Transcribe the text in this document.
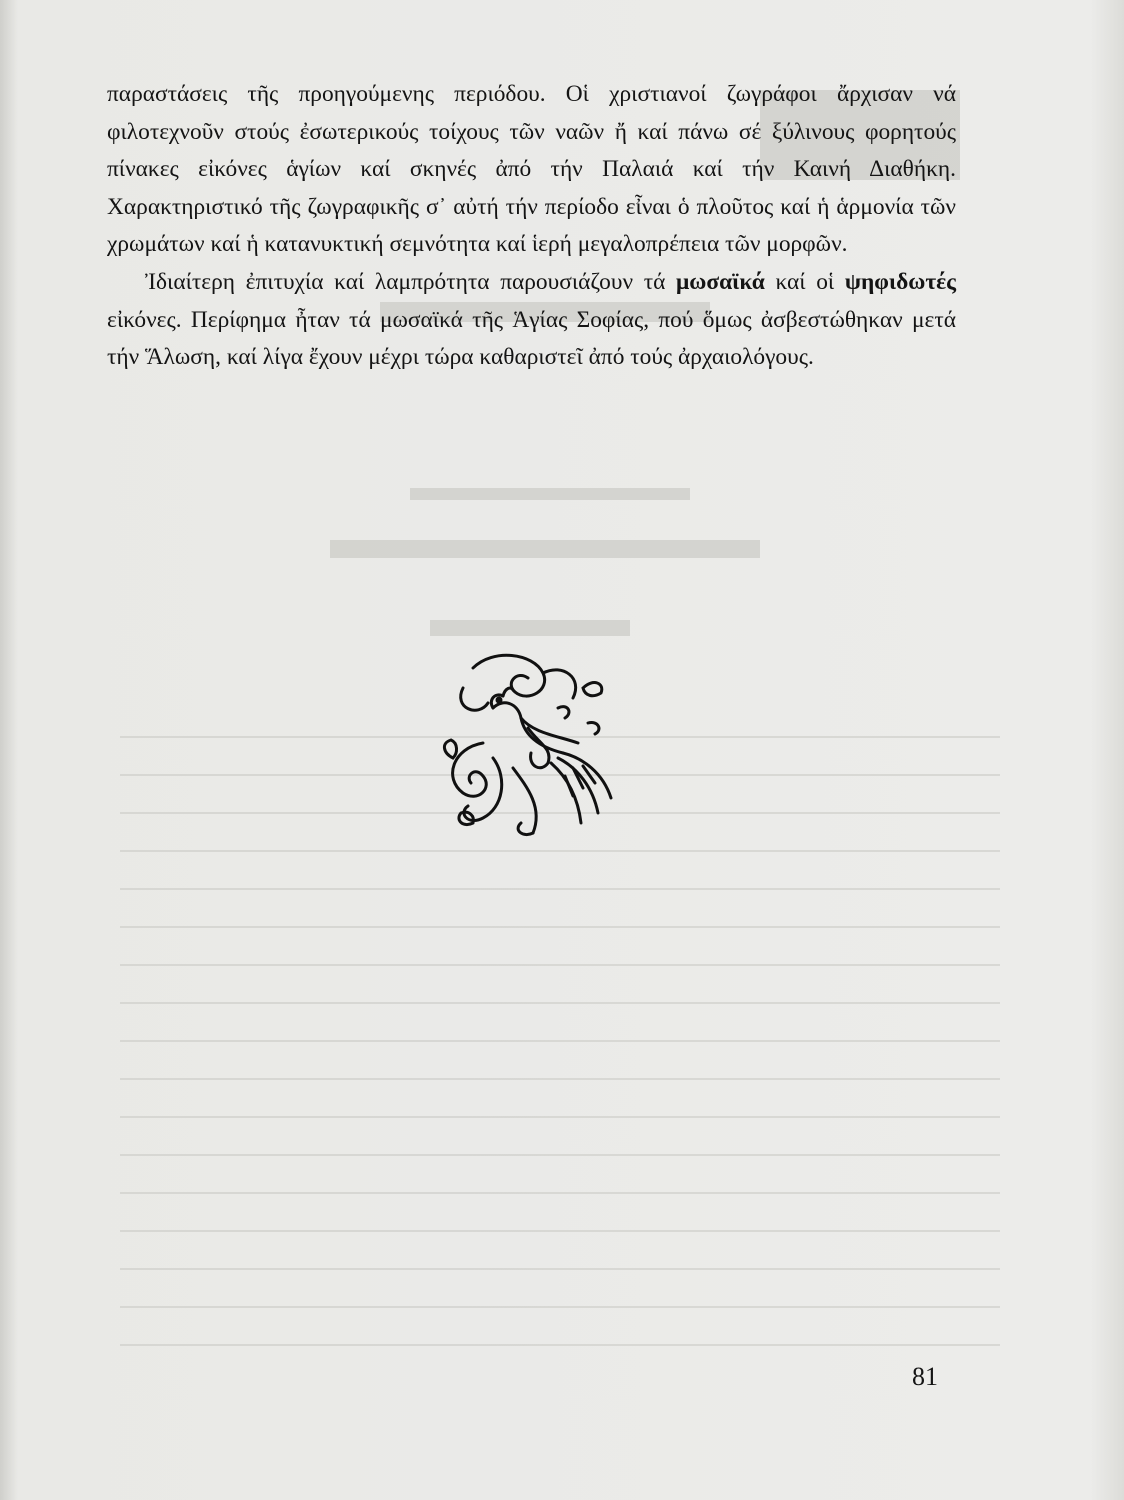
παραστάσεις τῆς προηγούμενης περιόδου. Οἱ χριστιανοί ζωγράφοι ἄρχισαν νά φιλοτεχνοῦν στούς ἐσωτερικούς τοίχους τῶν ναῶν ἤ καί πάνω σέ ξύλινους φορητούς πίνακες εἰκόνες ἁγίων καί σκηνές ἀπό τήν Παλαιά καί τήν Καινή Διαθήκη. Χαρακτηριστικό τῆς ζωγραφικῆς σ᾽ αὐτή τήν περίοδο εἶναι ὁ πλοῦτος καί ἡ ἁρμονία τῶν χρωμάτων καί ἡ κατανυκτική σεμνότητα καί ἱερή μεγαλοπρέπεια τῶν μορφῶν.

Ἰδιαίτερη ἐπιτυχία καί λαμπρότητα παρουσιάζουν τά μωσαϊκά καί οἱ ψηφιδωτές εἰκόνες. Περίφημα ἦταν τά μωσαϊκά τῆς Ἁγίας Σοφίας, πού ὅμως ἀσβεστώθηκαν μετά τήν Ἅλωση, καί λίγα ἔχουν μέχρι τώρα καθαριστεῖ ἀπό τούς ἀρχαιολόγους.

81
